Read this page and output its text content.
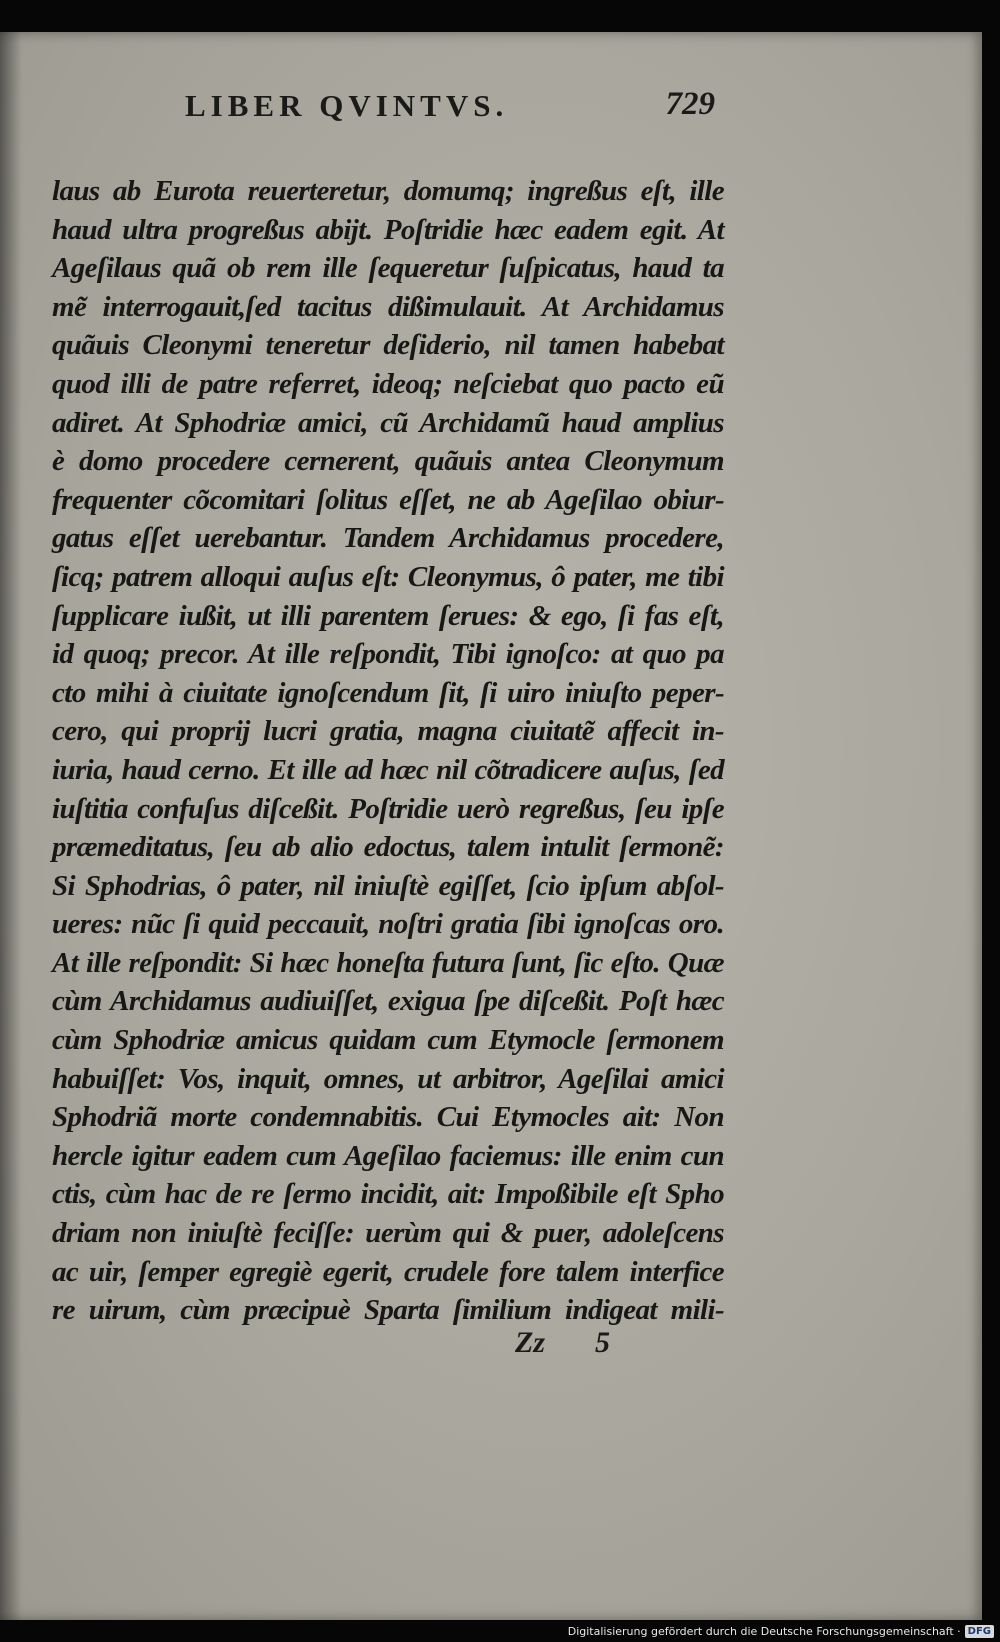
LIBER QVINTVS.	729
laus ab Eurota reuerteretur, domumq; ingreßus eſt, ille
haud ultra progreßus abijt. Poſtridie hæc eadem egit. At
Ageſilaus quã ob rem ille ſequeretur ſuſpicatus, haud ta
mẽ interrogauit,ſed tacitus dißimulauit. At Archidamus
quãuis Cleonymi teneretur deſiderio, nil tamen habebat
quod illi de patre referret, ideoq; neſciebat quo pacto eũ
adiret. At Sphodriæ amici, cũ Archidamũ haud amplius
è domo procedere cernerent, quãuis antea Cleonymum
frequenter cõcomitari ſolitus eſſet, ne ab Ageſilao obiur-
gatus eſſet uerebantur. Tandem Archidamus procedere,
ſicq; patrem alloqui auſus eſt: Cleonymus, ô pater, me tibi
ſupplicare iußit, ut illi parentem ſerues: & ego, ſi fas eſt,
id quoq; precor. At ille reſpondit, Tibi ignoſco: at quo pa
cto mihi à ciuitate ignoſcendum ſit, ſi uiro iniuſto peper-
cero, qui proprij lucri gratia, magna ciuitatẽ affecit in-
iuria, haud cerno. Et ille ad hæc nil cõtradicere auſus, ſed
iuſtitia confuſus diſceßit. Poſtridie uerò regreßus, ſeu ipſe
præmeditatus, ſeu ab alio edoctus, talem intulit ſermonẽ:
Si Sphodrias, ô pater, nil iniuſtè egiſſet, ſcio ipſum abſol-
ueres: nũc ſi quid peccauit, noſtri gratia ſibi ignoſcas oro.
At ille reſpondit: Si hæc honeſta futura ſunt, ſic eſto. Quæ
cùm Archidamus audiuiſſet, exigua ſpe diſceßit. Poſt hæc
cùm Sphodriæ amicus quidam cum Etymocle ſermonem
habuiſſet: Vos, inquit, omnes, ut arbitror, Ageſilai amici
Sphodriã morte condemnabitis. Cui Etymocles ait: Non
hercle igitur eadem cum Ageſilao faciemus: ille enim cun
ctis, cùm hac de re ſermo incidit, ait: Impoßibile eſt Spho
driam non iniuſtè feciſſe: uerùm qui & puer, adoleſcens
ac uir, ſemper egregiè egerit, crudele fore talem interfice
re uirum, cùm præcipuè Sparta ſimilium indigeat mili-
Zz 5
Digitalisierung gefördert durch die Deutsche Forschungsgemeinschaft · DFG
